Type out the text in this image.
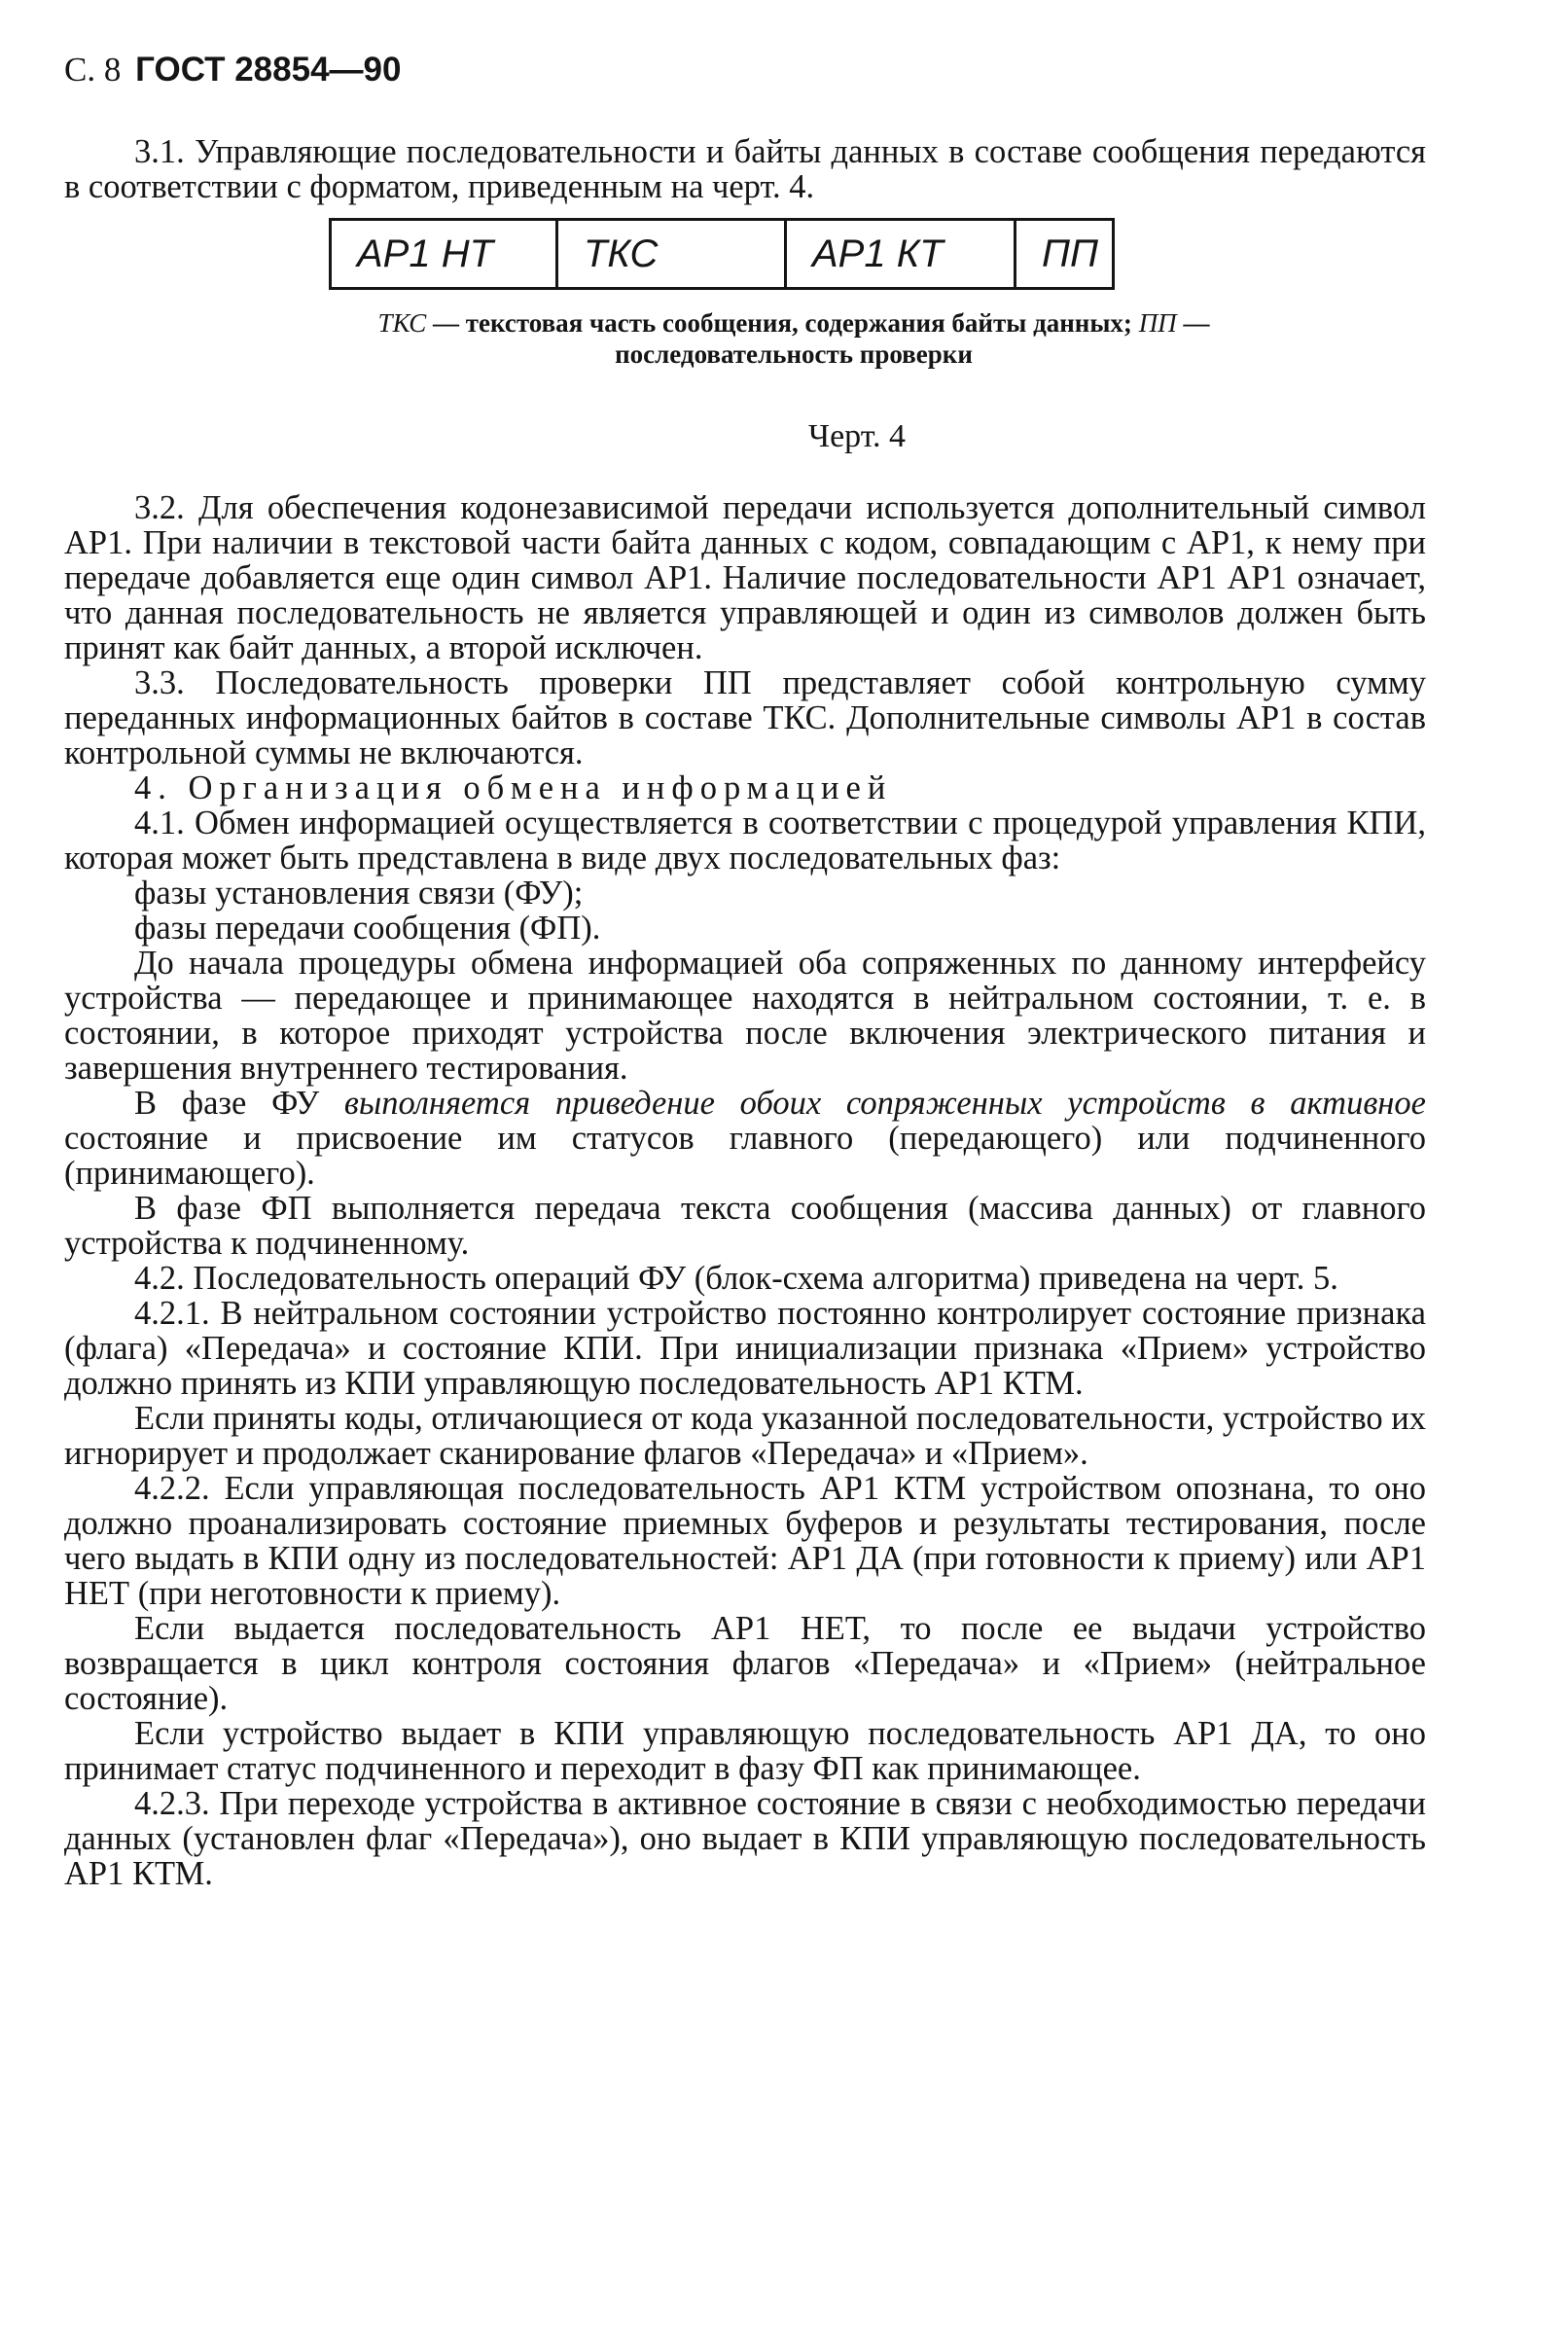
С. 8 ГОСТ 28854—90

3.1. Управляющие последовательности и байты данных в составе сообщения передаются в соответствии с форматом, приведенным на черт. 4.

АР1 НТ	ТКС	АР1 КТ	ПП
ТКС — текстовая часть сообщения, содержания байты данных; ПП — последовательность проверки
Черт. 4

3.2. Для обеспечения кодонезависимой передачи используется дополнительный символ АР1. При наличии в текстовой части байта данных с кодом, совпадающим с АР1, к нему при передаче добавляется еще один символ АР1. Наличие последовательности АР1 АР1 означает, что данная последовательность не является управляющей и один из символов должен быть принят как байт данных, а второй исключен.

3.3. Последовательность проверки ПП представляет собой контрольную сумму переданных информационных байтов в составе ТКС. Дополнительные символы АР1 в состав контрольной суммы не включаются.

4. Организация обмена информацией

4.1. Обмен информацией осуществляется в соответствии с процедурой управления КПИ, которая может быть представлена в виде двух последовательных фаз:

фазы установления связи (ФУ);

фазы передачи сообщения (ФП).

До начала процедуры обмена информацией оба сопряженных по данному интерфейсу устройства — передающее и принимающее находятся в нейтральном состоянии, т. е. в состоянии, в которое приходят устройства после включения электрического питания и завершения внутреннего тестирования.

В фазе ФУ выполняется приведение обоих сопряженных устройств в активное состояние и присвоение им статусов главного (передающего) или подчиненного (принимающего).

В фазе ФП выполняется передача текста сообщения (массива данных) от главного устройства к подчиненному.

4.2. Последовательность операций ФУ (блок-схема алгоритма) приведена на черт. 5.

4.2.1. В нейтральном состоянии устройство постоянно контролирует состояние признака (флага) «Передача» и состояние КПИ. При инициализации признака «Прием» устройство должно принять из КПИ управляющую последовательность АР1 КТМ.

Если приняты коды, отличающиеся от кода указанной последовательности, устройство их игнорирует и продолжает сканирование флагов «Передача» и «Прием».

4.2.2. Если управляющая последовательность АР1 КТМ устройством опознана, то оно должно проанализировать состояние приемных буферов и результаты тестирования, после чего выдать в КПИ одну из последовательностей: АР1 ДА (при готовности к приему) или АР1 НЕТ (при неготовности к приему).

Если выдается последовательность АР1 НЕТ, то после ее выдачи устройство возвращается в цикл контроля состояния флагов «Передача» и «Прием» (нейтральное состояние).

Если устройство выдает в КПИ управляющую последовательность АР1 ДА, то оно принимает статус подчиненного и переходит в фазу ФП как принимающее.

4.2.3. При переходе устройства в активное состояние в связи с необходимостью передачи данных (установлен флаг «Передача»), оно выдает в КПИ управляющую последовательность АР1 КТМ.
